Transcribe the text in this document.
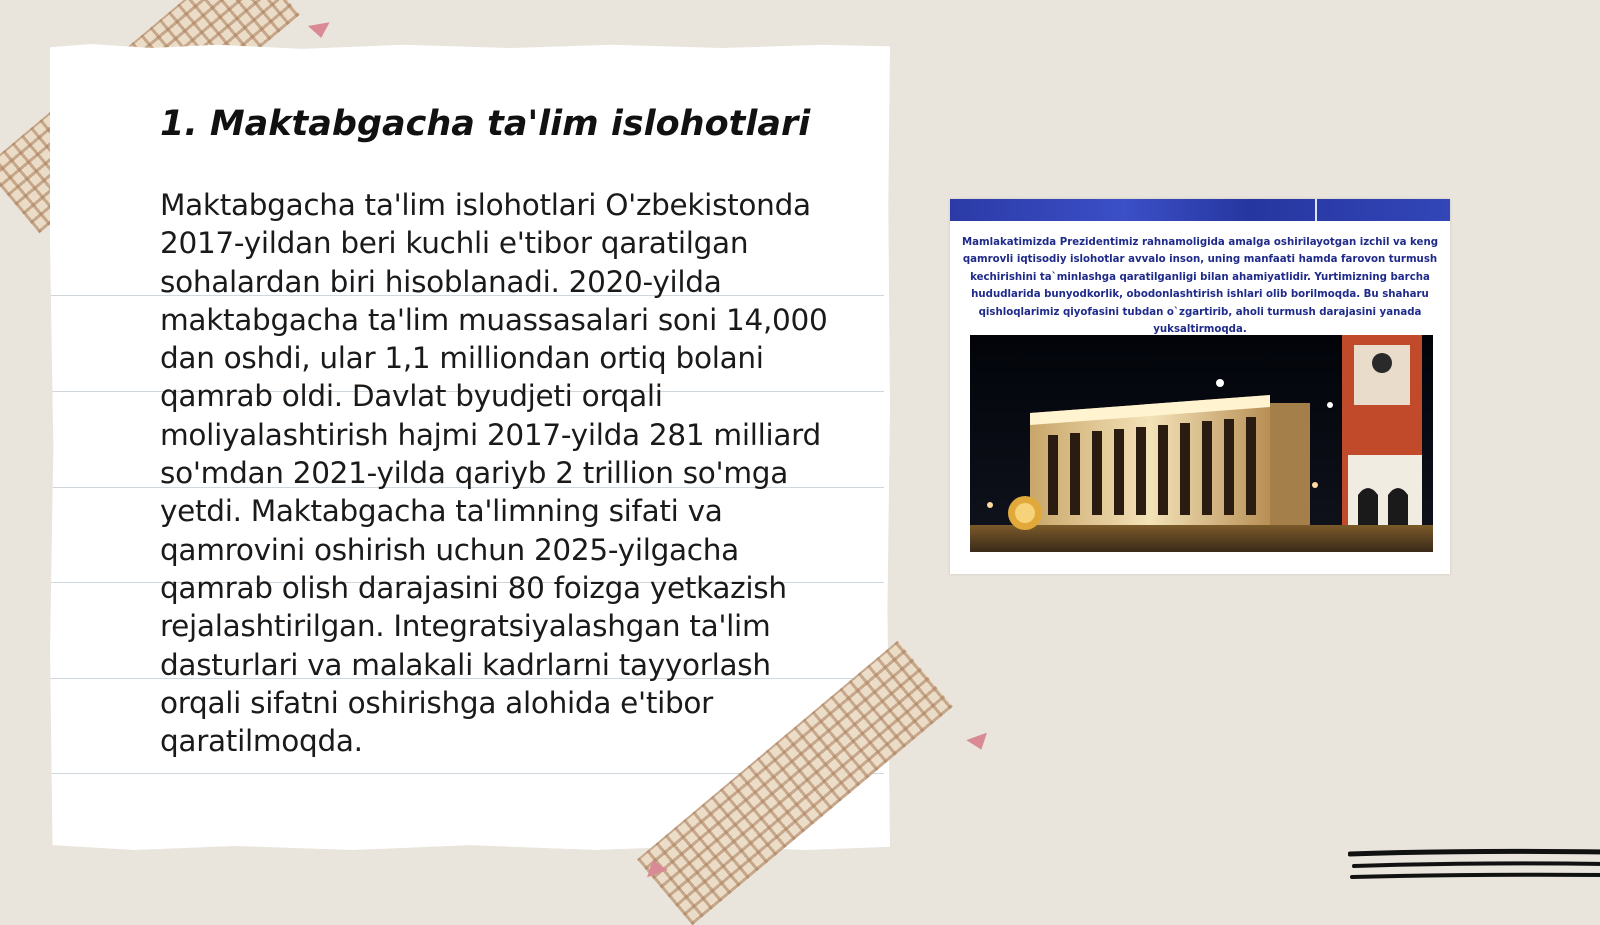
1. Maktabgacha ta'lim islohotlari

Maktabgacha ta'lim islohotlari O'zbekistonda 2017-yildan beri kuchli e'tibor qaratilgan sohalardan biri hisoblanadi. 2020-yilda maktabgacha ta'lim muassasalari soni 14,000 dan oshdi, ular 1,1 milliondan ortiq bolani qamrab oldi. Davlat byudjeti orqali moliyalashtirish hajmi 2017-yilda 281 milliard so'mdan 2021-yilda qariyb 2 trillion so'mga yetdi. Maktabgacha ta'limning sifati va qamrovini oshirish uchun 2025-yilgacha qamrab olish darajasini 80 foizga yetkazish rejalashtirilgan. Integratsiyalashgan ta'lim dasturlari va malakali kadrlarni tayyorlash orqali sifatni oshirishga alohida e'tibor qaratilmoqda.

Mamlakatimizda Prezidentimiz rahnamoligida amalga oshirilayotgan izchil va keng qamrovli iqtisodiy islohotlar avvalo inson, uning manfaati hamda farovon turmush kechirishini ta`minlashga qaratilganligi bilan ahamiyatlidir. Yurtimizning barcha hududlarida bunyodkorlik, obodonlashtirish ishlari olib borilmoqda. Bu shaharu qishloqlarimiz qiyofasini tubdan o`zgartirib, aholi turmush darajasini yanada yuksaltirmoqda.
